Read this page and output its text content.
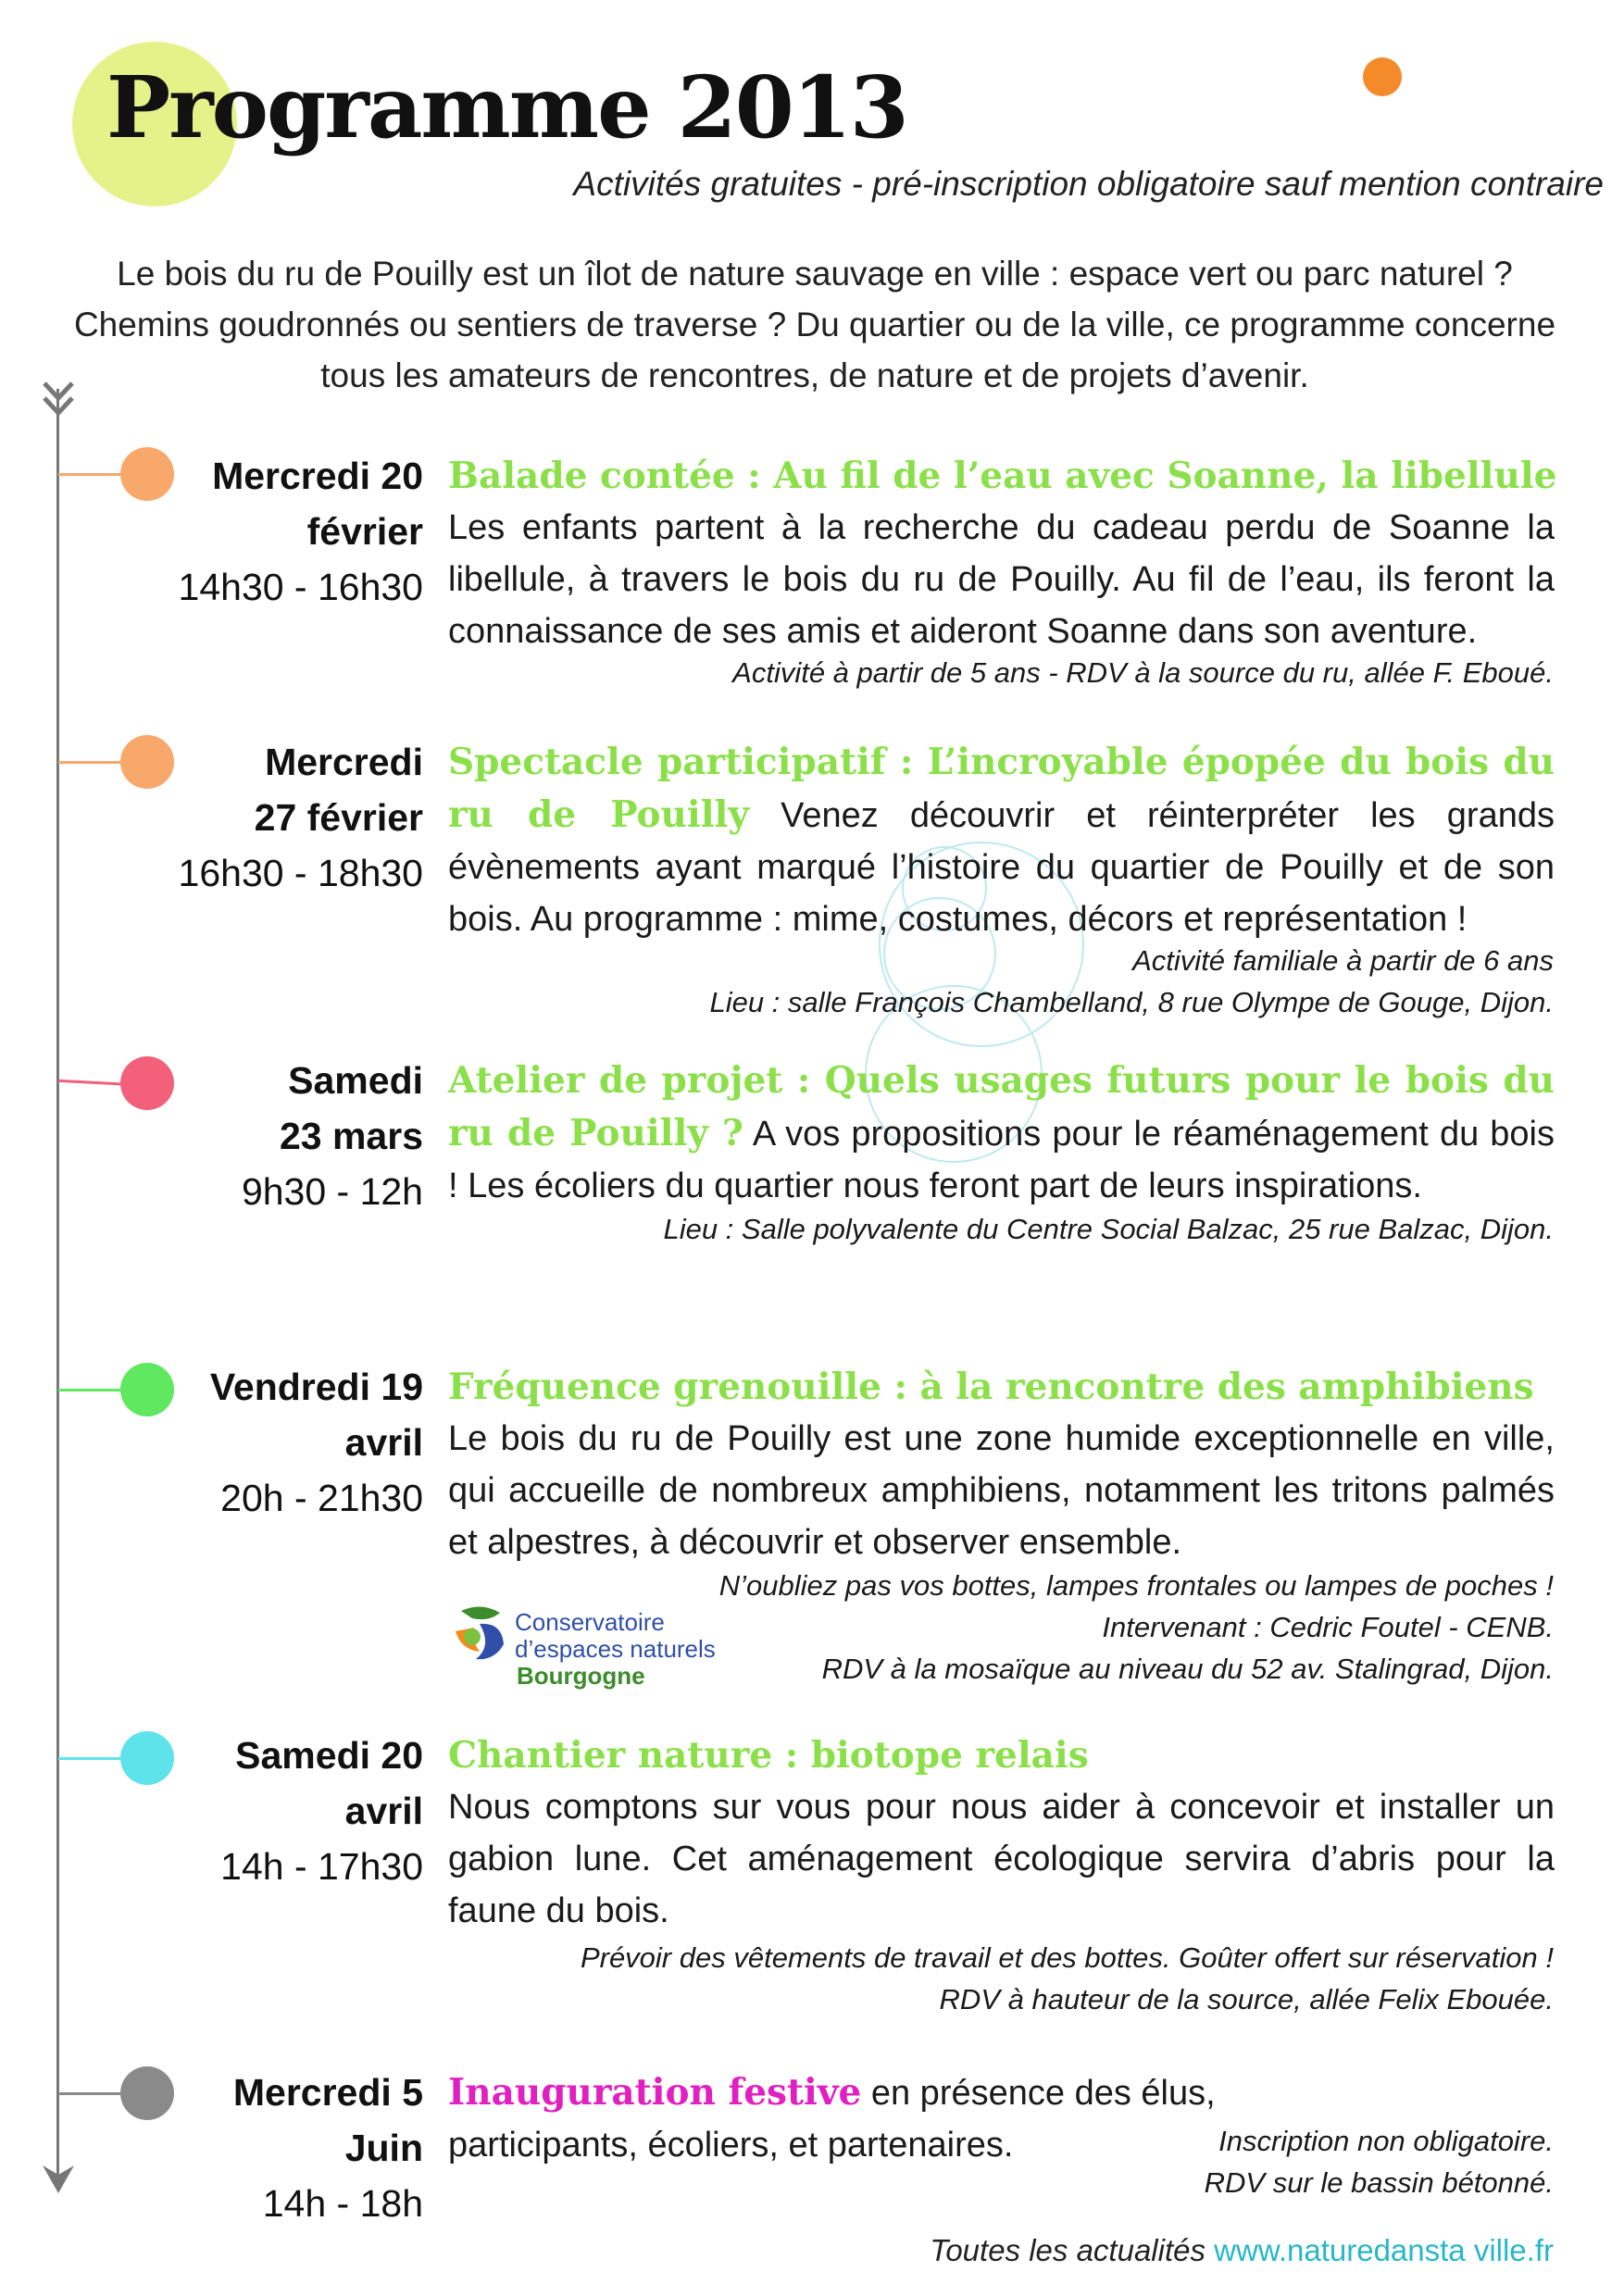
Programme 2013

Activités gratuites - pré-inscription obligatoire sauf mention contraire

Le bois du ru de Pouilly est un îlot de nature sauvage en ville : espace vert ou parc naturel ?
Chemins goudronnés ou sentiers de traverse ? Du quartier ou de la ville, ce programme concerne
tous les amateurs de rencontres, de nature et de projets d’avenir.
Mercredi 20
février
14h30 - 16h30
Balade contée : Au fil de l’eau avec Soanne, la libellule
Les enfants partent à la recherche du cadeau perdu de Soanne la libellule, à travers le bois du ru de Pouilly. Au fil de l’eau, ils feront la connaissance de ses amis et aideront Soanne dans son aventure.
Activité à partir de 5 ans - RDV à la source du ru, allée F. Eboué.
Mercredi
27 février
16h30 - 18h30
Spectacle participatif : L’incroyable épopée du bois du ru de Pouilly Venez découvrir et réinterpréter les grands évènements ayant marqué l’histoire du quartier de Pouilly et de son bois. Au programme : mime, costumes, décors et représentation !
Activité familiale à partir de 6 ans
Lieu : salle François Chambelland, 8 rue Olympe de Gouge, Dijon.
Samedi
23 mars
9h30 - 12h
Atelier de projet : Quels usages futurs pour le bois du ru de Pouilly ? A vos propositions pour le réaménagement du bois ! Les écoliers du quartier nous feront part de leurs inspirations.
Lieu : Salle polyvalente du Centre Social Balzac, 25 rue Balzac, Dijon.
Vendredi 19
avril
20h - 21h30
Fréquence grenouille : à la rencontre des amphibiens
Le bois du ru de Pouilly est une zone humide exceptionnelle en ville, qui accueille de nombreux amphibiens, notamment les tritons palmés et alpestres, à découvrir et observer ensemble.
N’oubliez pas vos bottes, lampes frontales ou lampes de poches !
Intervenant : Cedric Foutel - CENB.
RDV à la mosaïque au niveau du 52 av. Stalingrad, Dijon.
Conservatoire
d’espaces naturels
Bourgogne
Samedi 20
avril
14h - 17h30
Chantier nature : biotope relais
Nous comptons sur vous pour nous aider à concevoir et installer un gabion lune. Cet aménagement écologique servira d’abris pour la faune du bois.
Prévoir des vêtements de travail et des bottes. Goûter offert sur réservation !
RDV à hauteur de la source, allée Felix Ebouée.
Mercredi 5
Juin
14h - 18h
Inauguration festive en présence des élus, participants, écoliers, et partenaires.	Inscription non obligatoire.
RDV sur le bassin bétonné.
Toutes les actualités www.naturedansta ville.fr
